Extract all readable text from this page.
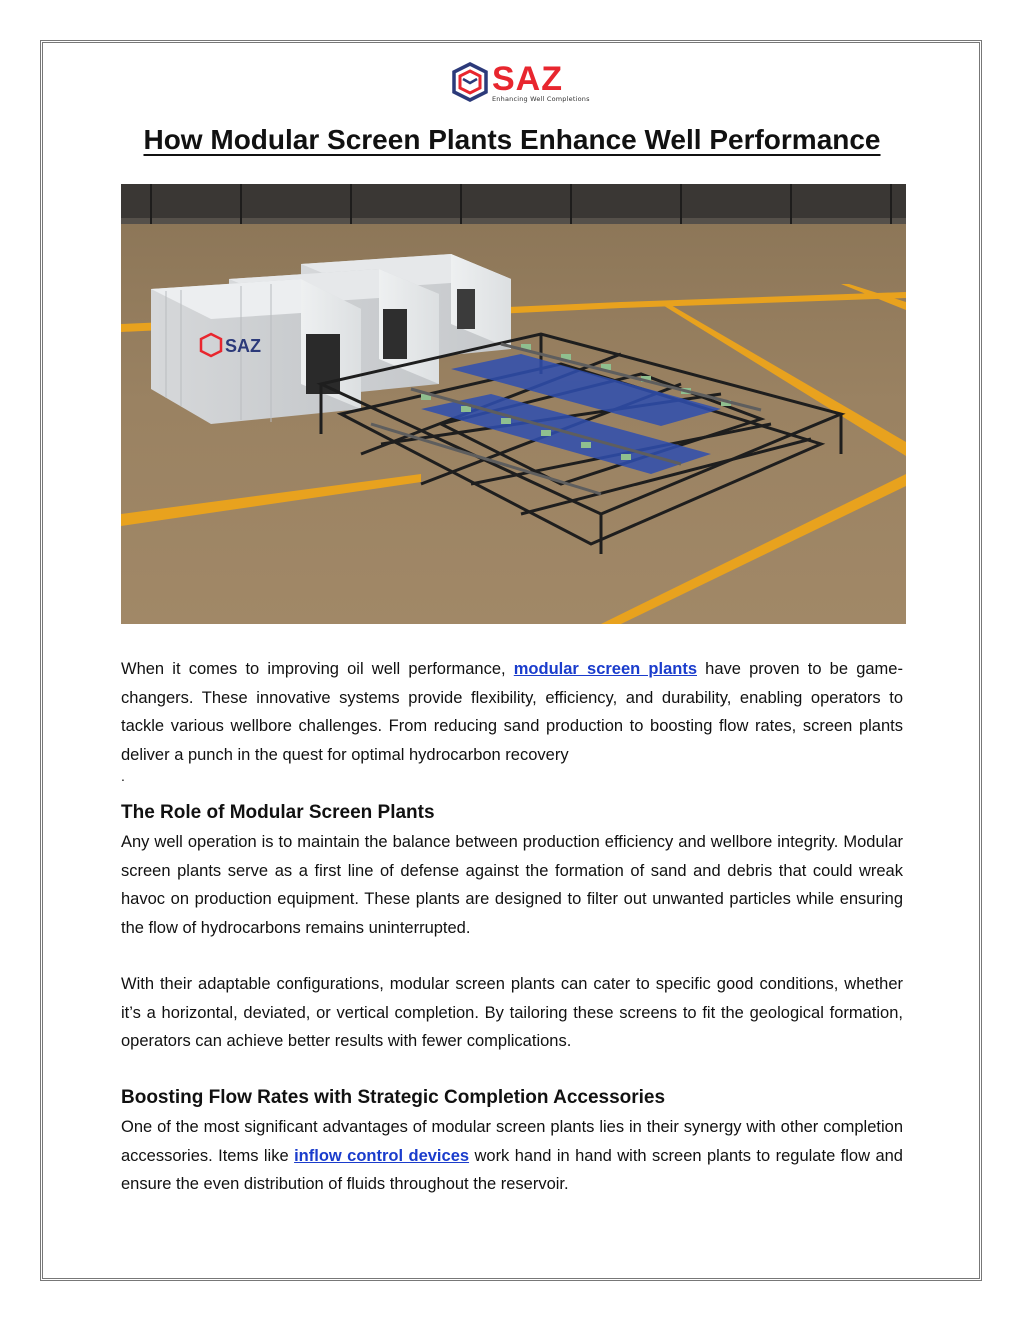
SAZ
Enhancing Well Completions
How Modular Screen Plants Enhance Well Performance
SAZ

When it comes to improving oil well performance, modular screen plants have proven to be game-changers. These innovative systems provide flexibility, efficiency, and durability, enabling operators to tackle various wellbore challenges. From reducing sand production to boosting flow rates, screen plants deliver a punch in the quest for optimal hydrocarbon recovery

.

The Role of Modular Screen Plants

Any well operation is to maintain the balance between production efficiency and wellbore integrity. Modular screen plants serve as a first line of defense against the formation of sand and debris that could wreak havoc on production equipment. These plants are designed to filter out unwanted particles while ensuring the flow of hydrocarbons remains uninterrupted.

With their adaptable configurations, modular screen plants can cater to specific good conditions, whether it’s a horizontal, deviated, or vertical completion. By tailoring these screens to fit the geological formation, operators can achieve better results with fewer complications.

Boosting Flow Rates with Strategic Completion Accessories

One of the most significant advantages of modular screen plants lies in their synergy with other completion accessories. Items like inflow control devices work hand in hand with screen plants to regulate flow and ensure the even distribution of fluids throughout the reservoir.
